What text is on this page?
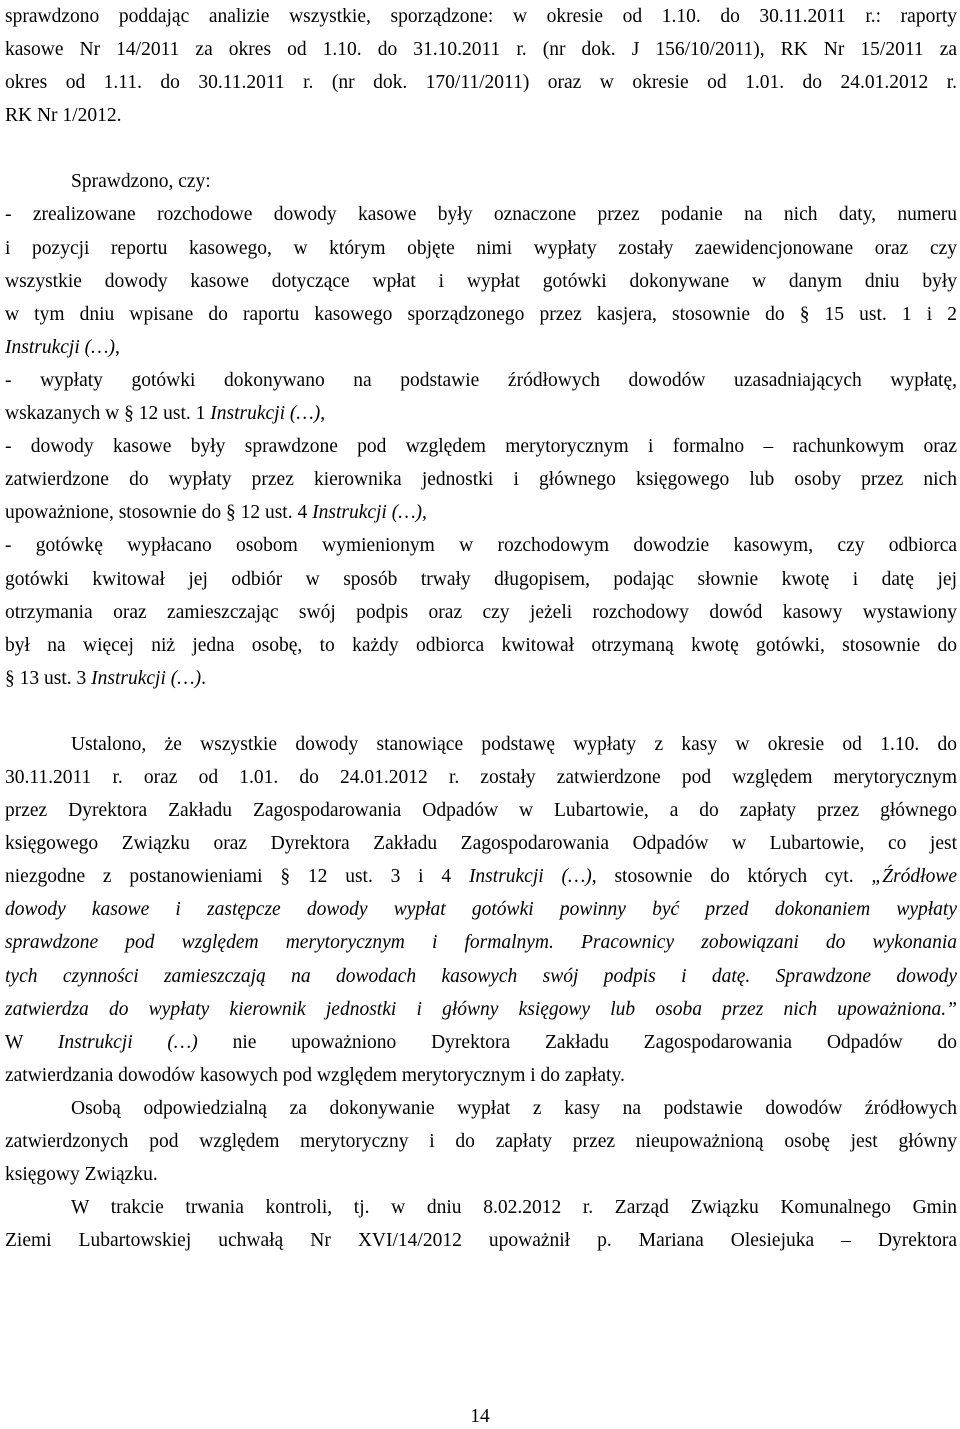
sprawdzono poddając analizie wszystkie, sporządzone: w okresie od 1.10. do 30.11.2011 r.: raporty
kasowe Nr 14/2011 za okres od 1.10. do 31.10.2011 r. (nr dok. J 156/10/2011), RK Nr 15/2011 za
okres od 1.11. do 30.11.2011 r. (nr dok. 170/11/2011) oraz w okresie od 1.01. do 24.01.2012 r.
RK Nr 1/2012.
Sprawdzono, czy:
- zrealizowane rozchodowe dowody kasowe były oznaczone przez podanie na nich daty, numeru
i pozycji reportu kasowego, w którym objęte nimi wypłaty zostały zaewidencjonowane oraz czy
wszystkie dowody kasowe dotyczące wpłat i wypłat gotówki dokonywane w danym dniu były
w tym dniu wpisane do raportu kasowego sporządzonego przez kasjera, stosownie do § 15 ust. 1 i 2
Instrukcji (…),
- wypłaty gotówki dokonywano na podstawie źródłowych dowodów uzasadniających wypłatę,
wskazanych w § 12 ust. 1 Instrukcji (…),
- dowody kasowe były sprawdzone pod względem merytorycznym i formalno – rachunkowym oraz
zatwierdzone do wypłaty przez kierownika jednostki i głównego księgowego lub osoby przez nich
upoważnione, stosownie do § 12 ust. 4 Instrukcji (…),
- gotówkę wypłacano osobom wymienionym w rozchodowym dowodzie kasowym, czy odbiorca
gotówki kwitował jej odbiór w sposób trwały długopisem, podając słownie kwotę i datę jej
otrzymania oraz zamieszczając swój podpis oraz czy jeżeli rozchodowy dowód kasowy wystawiony
był na więcej niż jedna osobę, to każdy odbiorca kwitował otrzymaną kwotę gotówki, stosownie do
§ 13 ust. 3 Instrukcji (…).
Ustalono, że wszystkie dowody stanowiące podstawę wypłaty z kasy w okresie od 1.10. do
30.11.2011 r. oraz od 1.01. do 24.01.2012 r. zostały zatwierdzone pod względem merytorycznym
przez Dyrektora Zakładu Zagospodarowania Odpadów w Lubartowie, a do zapłaty przez głównego
księgowego Związku oraz Dyrektora Zakładu Zagospodarowania Odpadów w Lubartowie, co jest
niezgodne z postanowieniami § 12 ust. 3 i 4 Instrukcji (…), stosownie do których cyt. „Źródłowe
dowody kasowe i zastępcze dowody wypłat gotówki powinny być przed dokonaniem wypłaty
sprawdzone pod względem merytorycznym i formalnym. Pracownicy zobowiązani do wykonania
tych czynności zamieszczają na dowodach kasowych swój podpis i datę. Sprawdzone dowody
zatwierdza do wypłaty kierownik jednostki i główny księgowy lub osoba przez nich upoważniona.”
W Instrukcji (…) nie upoważniono Dyrektora Zakładu Zagospodarowania Odpadów do
zatwierdzania dowodów kasowych pod względem merytorycznym i do zapłaty.
Osobą odpowiedzialną za dokonywanie wypłat z kasy na podstawie dowodów źródłowych
zatwierdzonych pod względem merytoryczny i do zapłaty przez nieupoważnioną osobę jest główny
księgowy Związku.
W trakcie trwania kontroli, tj. w dniu 8.02.2012 r. Zarząd Związku Komunalnego Gmin
Ziemi Lubartowskiej uchwałą Nr XVI/14/2012 upoważnił p. Mariana Olesiejuka – Dyrektora
14
